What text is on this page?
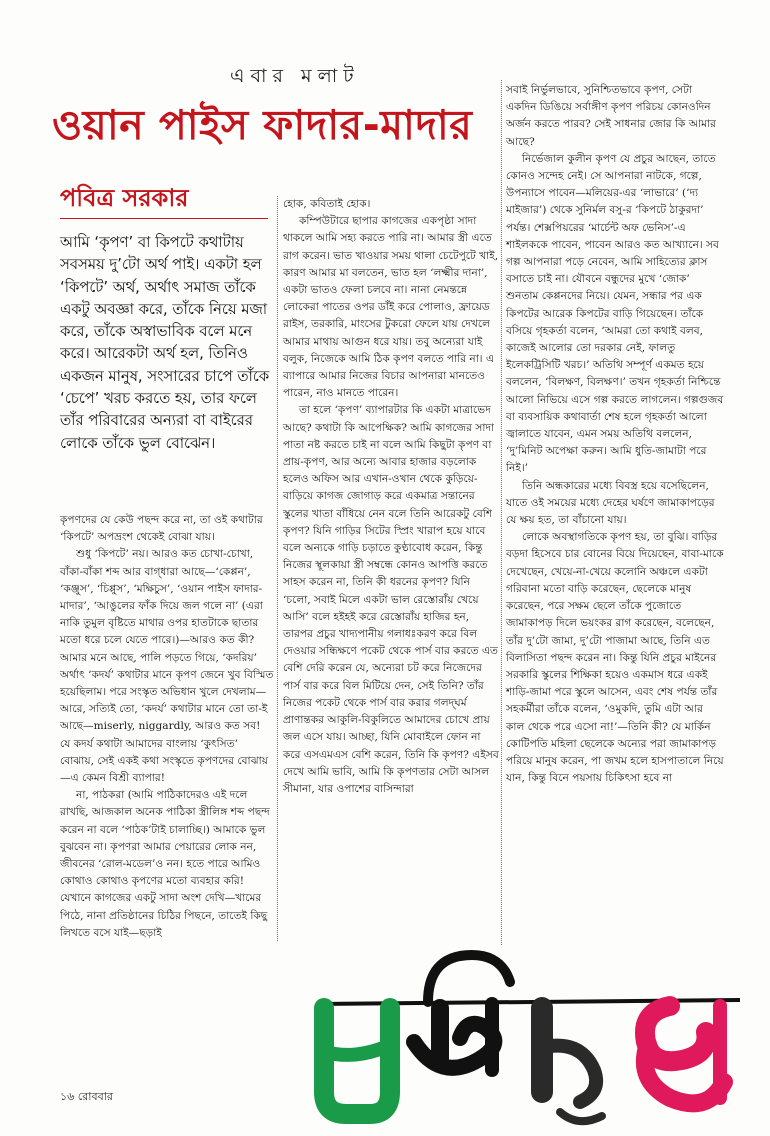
এবার মলাট
ওয়ান পাইস ফাদার-মাদার
পবিত্র সরকার
আমি ‘কৃপণ’ বা কিপটে কথাটায় সবসময় দু’টো অর্থ পাই। একটা হল ‘কিপটে’ অর্থ, অর্থাৎ সমাজ তাঁকে একটু অবজ্ঞা করে, তাঁকে নিয়ে মজা করে, তাঁকে অস্বাভাবিক বলে মনে করে। আরেকটা অর্থ হল, তিনিও একজন মানুষ, সংসারের চাপে তাঁকে ‘চেপে’ খরচ করতে হয়, তার ফলে তাঁর পরিবারের অন্যরা বা বাইরের লোকে তাঁকে ভুল বোঝেন।

কৃপণদের যে কেউ পছন্দ করে না, তা ওই কথাটার ‘কিপটে’ অপভ্রংশ থেকেই বোঝা যায়।

শুধু ‘কিপটে’ নয়। আরও কত চোখা-চোখা, বাঁকা-বাঁকা শব্দ আর বাগ্‌ধারা আছে—‘কেপ্পন’, ‘কঞ্জুস’, ‘চিপ্পুস’, ‘মক্ষিচুস’, ‘ওয়ান পাইস ফাদার-মাদার’, ‘আঙুলের ফাঁক দিয়ে জল গলে না’ (এরা নাকি তুমুল বৃষ্টিতে মাথার ওপর হাতটাকে ছাতার মতো ধরে চলে যেতে পারে।)—আরও কত কী? আমার মনে আছে, পালি পড়তে গিয়ে, ‘কদরিয়’ অর্থাৎ ‘কদর্য’ কথাটার মানে কৃপণ জেনে খুব বিস্মিত হয়েছিলাম। পরে সংস্কৃত অভিধান খুলে দেখলাম—আরে, সত্যিই তো, ‘কদর্য’ কথাটার মানে তো তা-ই আছে—miserly, niggardly, আরও কত সব! যে কদর্য কথাটা আমাদের বাংলায় ‘কুৎসিত’ বোঝায়, সেই একই কথা সংস্কৃতে কৃপণদের বোঝায়—এ কেমন বিশ্রী ব্যাপার!

না, পাঠকরা (আমি পাঠিকাদেরও এই দলে রাখছি, আজকাল অনেক পাঠিকা স্ত্রীলিঙ্গ শব্দ পছন্দ করেন না বলে ‘পাঠক’টাই চালাচ্ছি।) আমাকে ভুল বুঝবেন না। কৃপণরা আমার পেয়ারের লোক নন, জীবনের ‘রোল-মডেল’ও নন। হতে পারে আমিও কোথাও কোথাও কৃপণের মতো ব্যবহার করি! যেখানে কাগজের একটু সাদা অংশ দেখি—খামের পিঠে, নানা প্রতিষ্ঠানের চিঠির পিছনে, তাতেই কিছু লিখতে বসে যাই—ছড়াই

হোক, কবিতাই হোক।

কম্পিউটারে ছাপার কাগজের একপৃষ্ঠা সাদা থাকলে আমি সহ্য করতে পারি না। আমার স্ত্রী এতে রাগ করেন। ভাত খাওয়ার সময় থালা চেটেপুটে খাই, কারণ আমার মা বলতেন, ভাত হল ‘লক্ষ্মীর দানা’, একটা ভাতও ফেলা চলবে না। নানা নেমন্তন্নে লোকেরা পাতের ওপর ডাঁই করে পোলাও, ফ্রায়েড রাইস, তরকারি, মাংসের টুকরো ফেলে যায় দেখলে আমার মাথায় আগুন ধরে যায়। তবু অন্যেরা যাই বলুক, নিজেকে আমি ঠিক কৃপণ বলতে পারি না। এ ব্যাপারে আমার নিজের বিচার আপনারা মানতেও পারেন, নাও মানতে পারেন।

তা হলে ‘কৃপণ’ ব্যাপারটার কি একটা মাত্রাভেদ আছে? কথাটা কি আপেক্ষিক? আমি কাগজের সাদা পাতা নষ্ট করতে চাই না বলে আমি কিছুটা কৃপণ বা প্রায়-কৃপণ, আর অন্যে আবার হাজার বড়লোক হলেও অফিস আর এখান-ওখান থেকে কুড়িয়ে-বাড়িয়ে কাগজ জোগাড় করে একমাত্র সন্তানের স্কুলের খাতা বাঁধিয়ে নেন বলে তিনি আরেকটু বেশি কৃপণ? যিনি গাড়ির সিটের স্প্রিং খারাপ হয়ে যাবে বলে অন্যকে গাড়ি চড়াতে কুণ্ঠাবোধ করেন, কিন্তু নিজের স্থূলকায়া স্ত্রী সম্বন্ধে কোনও আপত্তি করতে সাহস করেন না, তিনি কী ধরনের কৃপণ? যিনি ‘চলো, সবাই মিলে একটা ভাল রেস্তোরাঁয় খেয়ে আসি’ বলে হইহই করে রেস্তোরাঁয় হাজির হন, তারপর প্রচুর খাদ্যপানীয় গলাধঃকরণ করে বিল দেওয়ার সন্ধিক্ষণে পকেট থেকে পার্স বার করতে এত বেশি দেরি করেন যে, অন্যেরা চট করে নিজেদের পার্স বার করে বিল মিটিয়ে দেন, সেই তিনি? তাঁর নিজের পকেট থেকে পার্স বার করার গলদ্‌ঘর্ম প্রাণান্তকর আকুলি-বিকুলিতে আমাদের চোখে প্রায় জল এসে যায়। আচ্ছা, যিনি মোবাইলে ফোন না করে এসএমএস বেশি করেন, তিনি কি কৃপণ? এইসব দেখে আমি ভাবি, আমি কি কৃপণতার সেটা আসল সীমানা, যার ওপাশের বাসিন্দারা

সবাই নির্ভুলভাবে, সুনিশ্চিতভাবে কৃপণ, সেটা একদিন ডিঙিয়ে সর্বাঙ্গীণ কৃপণ পরিচয় কোনওদিন অর্জন করতে পারব? সেই সাধনার জোর কি আমার আছে?

নির্ভেজাল কুলীন কৃপণ যে প্রচুর আছেন, তাতে কোনও সন্দেহ নেই। সে আপনারা নাটকে, গল্পে, উপন্যাসে পাবেন—মলিয়ের-এর ‘লাভারে’ (‘দ্য মাইজার’) থেকে সুনির্মল বসু-র ‘কিপটে ঠাকুরদা’ পর্যন্ত। শেক্সপিয়রের ‘মার্চেন্ট অফ ভেনিস’-এ শাইলককে পাবেন, পাবেন আরও কত আখ্যানে। সব গল্প আপনারা পড়ে নেবেন, আমি সাহিত্যের ক্লাস বসাতে চাই না। যৌবনে বন্ধুদের মুখে ‘জোক’ শুনতাম কেপ্পনদের নিয়ে। যেমন, সন্ধার পর এক কিপটের আরেক কিপটের বাড়ি গিয়েছেন। তাঁকে বসিয়ে গৃহকর্তা বলেন, ‘আমরা তো কথাই বলব, কাজেই আলোর তো দরকার নেই, ফালতু ইলেকট্রিসিটি খরচ।’ অতিথি সম্পূর্ণ একমত হয়ে বললেন, ‘বিলক্ষণ, বিলক্ষণ।’ তখন গৃহকর্তা নিশ্চিন্তে আলো নিভিয়ে এসে গল্প করতে লাগলেন। গল্পগুজব বা ব্যবসায়িক কথাবার্তা শেষ হলে গৃহকর্তা আলো জ্বালাতে যাবেন, এমন সময় অতিথি বললেন, ‘দু’মিনিট অপেক্ষা করুন। আমি ধুতি-জামাটা পরে নিই।’

তিনি অন্ধকারের মধ্যে বিবস্ত্র হয়ে বসেছিলেন, যাতে ওই সময়ের মধ্যে দেহের ঘর্ষণে জামাকাপড়ের যে ক্ষয় হত, তা বাঁচানো যায়।

লোকে অবস্থাগতিকে কৃপণ হয়, তা বুঝি। বাড়ির বড়দা হিসেবে চার বোনের বিয়ে দিয়েছেন, বাবা-মাকে দেখেছেন, খেয়ে-না-খেয়ে কলোনি অঞ্চলে একটা গরিবানা মতো বাড়ি করেছেন, ছেলেকে মানুষ করেছেন, পরে সক্ষম ছেলে তাঁকে পুজোতে জামাকাপড় দিলে ভয়ংকর রাগ করেছেন, বলেছেন, তাঁর দু’টো জামা, দু’টো পাজামা আছে, তিনি এত বিলাসিতা পছন্দ করেন না। কিন্তু যিনি প্রচুর মাইনের সরকারি স্কুলের শিক্ষিকা হয়েও একমাস ধরে একই শাড়ি-জামা পরে স্কুলে আসেন, এবং শেষ পর্যন্ত তাঁর সহকর্মীরা তাঁকে বলেন, ‘ওমুকদি, তুমি এটা আর কাল থেকে পরে এসো না!’—তিনি কী? যে মার্কিন কোটিপতি মহিলা ছেলেকে অন্যের পরা জামাকাপড় পরিয়ে মানুষ করেন, পা জখম হলে হাসপাতালে নিয়ে যান, কিন্তু বিনে পয়সায় চিকিৎসা হবে না

১৬ রোববার
